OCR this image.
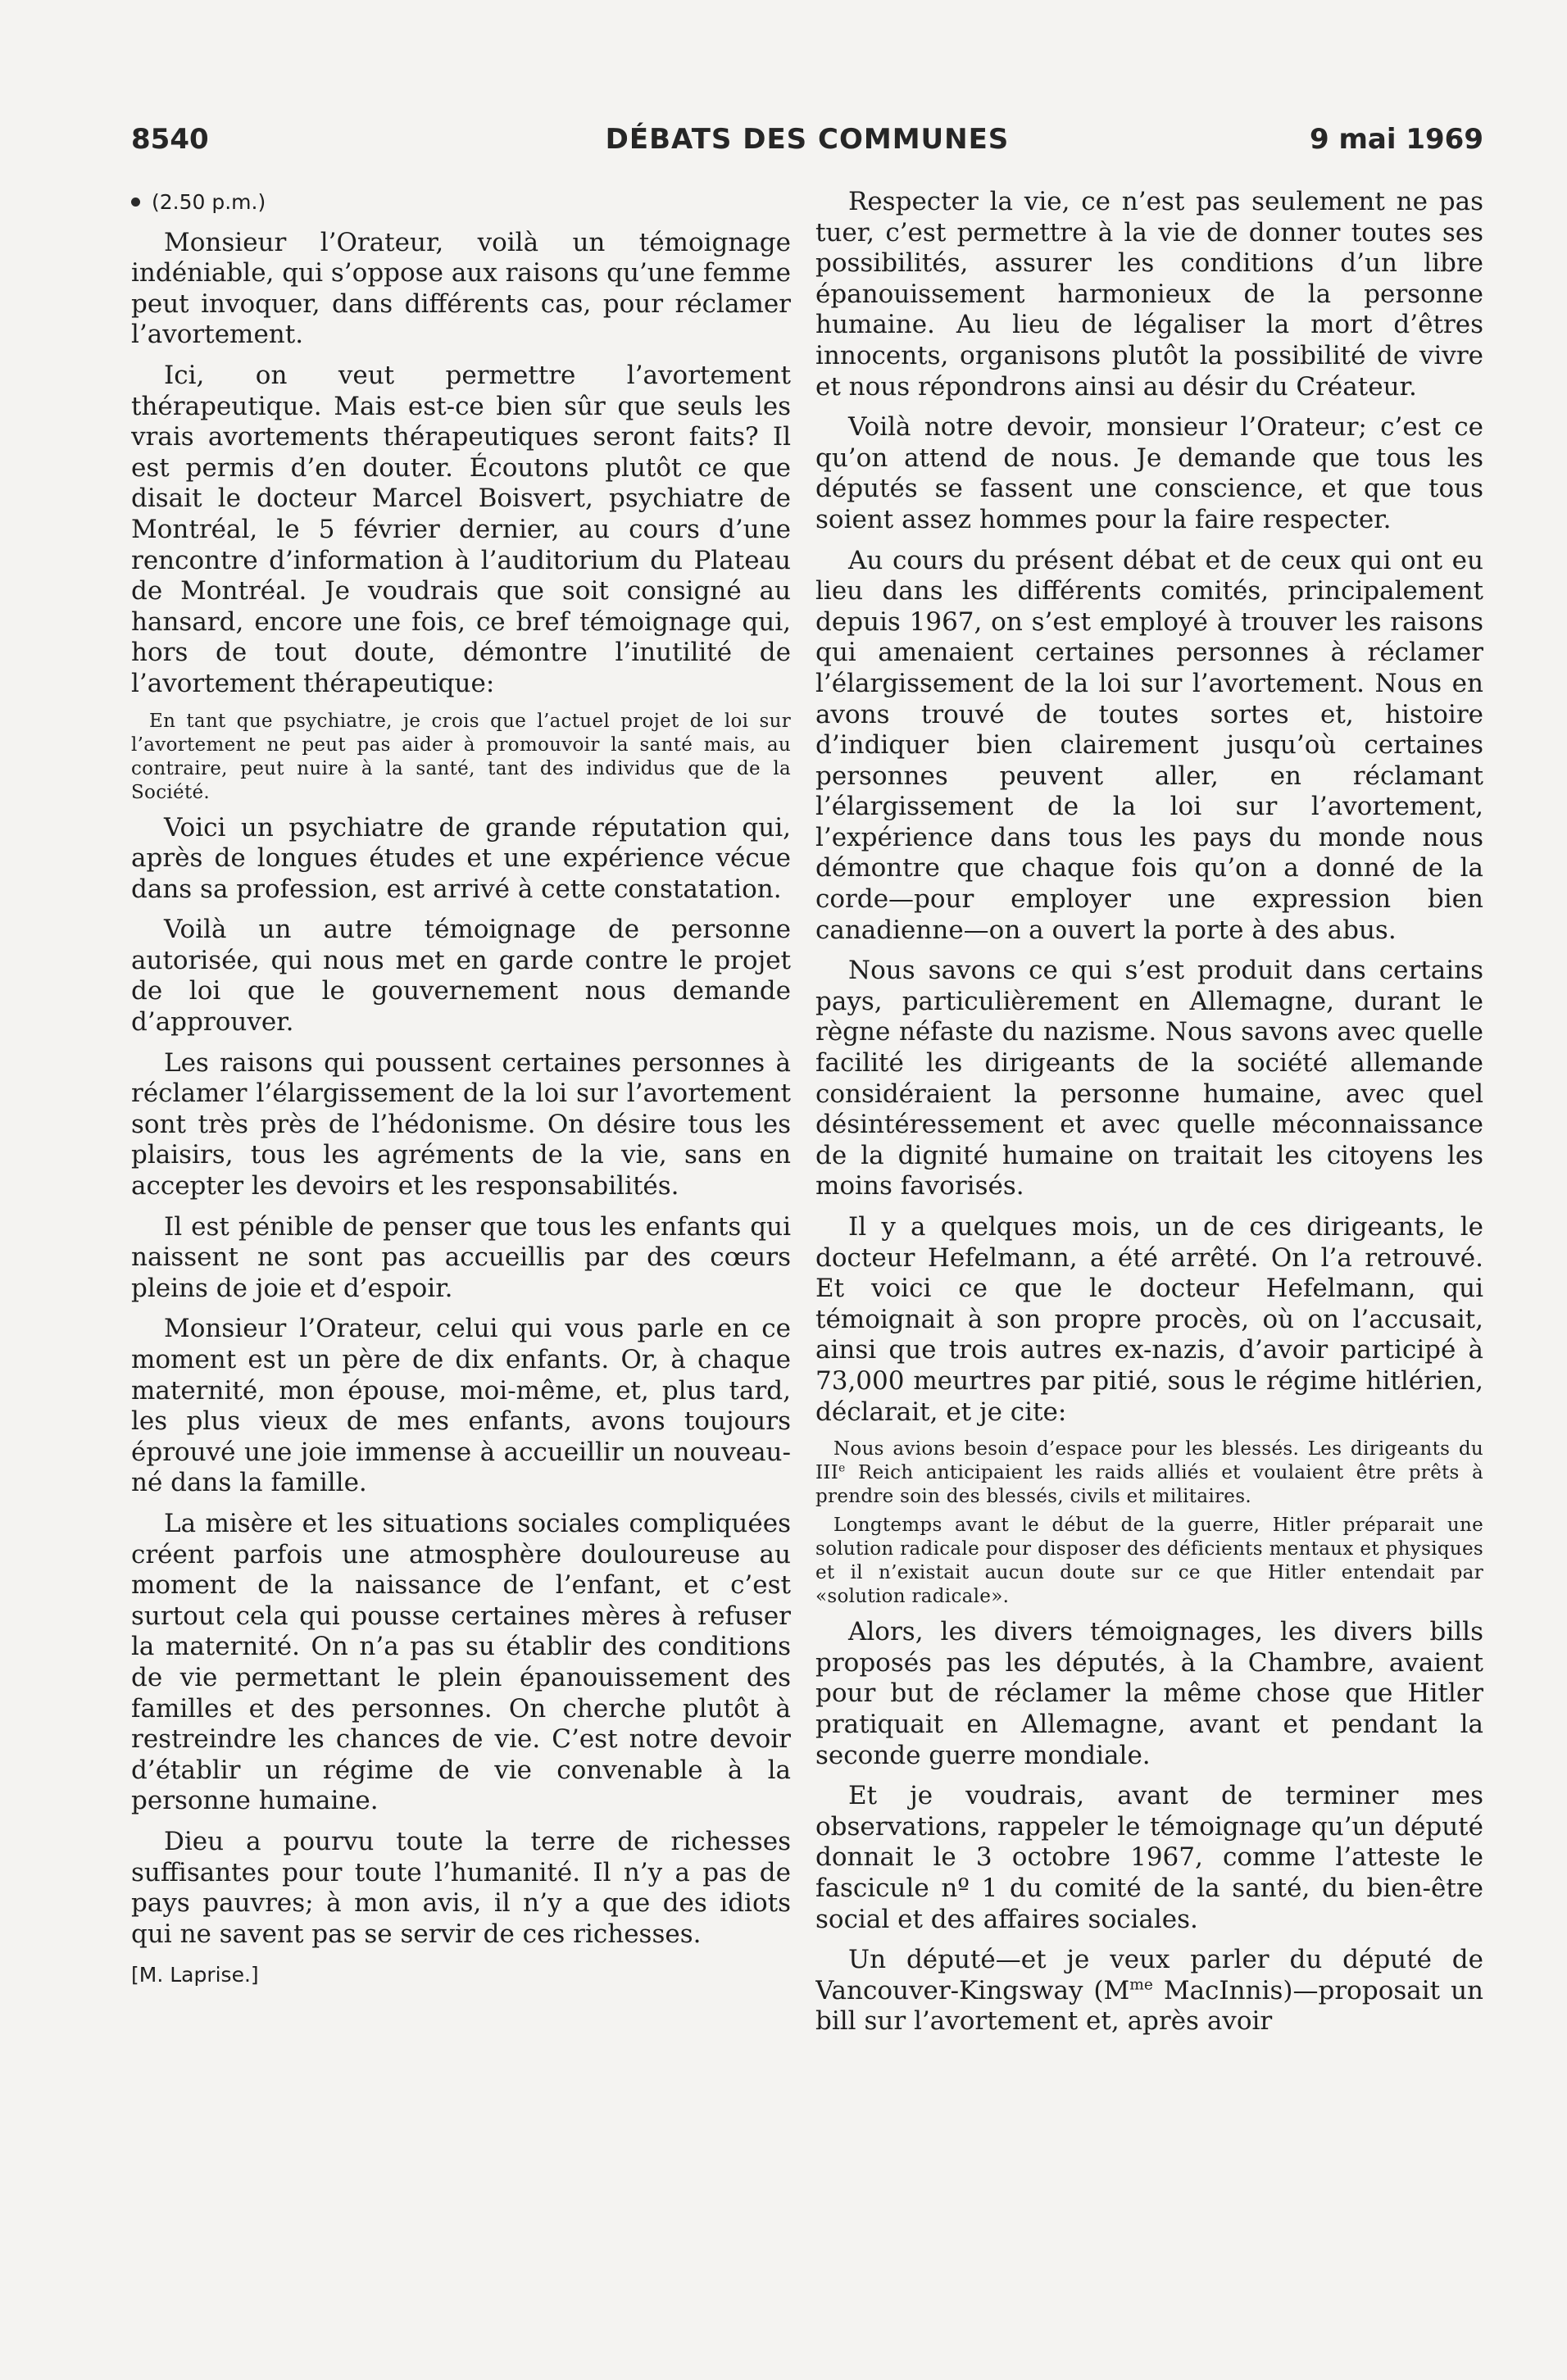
8540	DÉBATS DES COMMUNES	9 mai 1969
(2.50 p.m.)

Monsieur l’Orateur, voilà un témoignage indéniable, qui s’oppose aux raisons qu’une femme peut invoquer, dans différents cas, pour réclamer l’avortement.

Ici, on veut permettre l’avortement thérapeutique. Mais est-ce bien sûr que seuls les vrais avortements thérapeutiques seront faits? Il est permis d’en douter. Écoutons plutôt ce que disait le docteur Marcel Boisvert, psychiatre de Montréal, le 5 février dernier, au cours d’une rencontre d’information à l’auditorium du Plateau de Montréal. Je voudrais que soit consigné au hansard, encore une fois, ce bref témoignage qui, hors de tout doute, démontre l’inutilité de l’avortement thérapeutique:

En tant que psychiatre, je crois que l’actuel projet de loi sur l’avortement ne peut pas aider à promouvoir la santé mais, au contraire, peut nuire à la santé, tant des individus que de la Société.

Voici un psychiatre de grande réputation qui, après de longues études et une expérience vécue dans sa profession, est arrivé à cette constatation.

Voilà un autre témoignage de personne autorisée, qui nous met en garde contre le projet de loi que le gouvernement nous demande d’approuver.

Les raisons qui poussent certaines personnes à réclamer l’élargissement de la loi sur l’avortement sont très près de l’hédonisme. On désire tous les plaisirs, tous les agréments de la vie, sans en accepter les devoirs et les responsabilités.

Il est pénible de penser que tous les enfants qui naissent ne sont pas accueillis par des cœurs pleins de joie et d’espoir.

Monsieur l’Orateur, celui qui vous parle en ce moment est un père de dix enfants. Or, à chaque maternité, mon épouse, moi-même, et, plus tard, les plus vieux de mes enfants, avons toujours éprouvé une joie immense à accueillir un nouveau-né dans la famille.

La misère et les situations sociales compliquées créent parfois une atmosphère douloureuse au moment de la naissance de l’enfant, et c’est surtout cela qui pousse certaines mères à refuser la maternité. On n’a pas su établir des conditions de vie permettant le plein épanouissement des familles et des personnes. On cherche plutôt à restreindre les chances de vie. C’est notre devoir d’établir un régime de vie convenable à la personne humaine.

Dieu a pourvu toute la terre de richesses suffisantes pour toute l’humanité. Il n’y a pas de pays pauvres; à mon avis, il n’y a que des idiots qui ne savent pas se servir de ces richesses.

[M. Laprise.]

Respecter la vie, ce n’est pas seulement ne pas tuer, c’est permettre à la vie de donner toutes ses possibilités, assurer les conditions d’un libre épanouissement harmonieux de la personne humaine. Au lieu de légaliser la mort d’êtres innocents, organisons plutôt la possibilité de vivre et nous répondrons ainsi au désir du Créateur.

Voilà notre devoir, monsieur l’Orateur; c’est ce qu’on attend de nous. Je demande que tous les députés se fassent une conscience, et que tous soient assez hommes pour la faire respecter.

Au cours du présent débat et de ceux qui ont eu lieu dans les différents comités, principalement depuis 1967, on s’est employé à trouver les raisons qui amenaient certaines personnes à réclamer l’élargissement de la loi sur l’avortement. Nous en avons trouvé de toutes sortes et, histoire d’indiquer bien clairement jusqu’où certaines personnes peuvent aller, en réclamant l’élargissement de la loi sur l’avortement, l’expérience dans tous les pays du monde nous démontre que chaque fois qu’on a donné de la corde—pour employer une expression bien canadienne—on a ouvert la porte à des abus.

Nous savons ce qui s’est produit dans certains pays, particulièrement en Allemagne, durant le règne néfaste du nazisme. Nous savons avec quelle facilité les dirigeants de la société allemande considéraient la personne humaine, avec quel désintéressement et avec quelle méconnaissance de la dignité humaine on traitait les citoyens les moins favorisés.

Il y a quelques mois, un de ces dirigeants, le docteur Hefelmann, a été arrêté. On l’a retrouvé. Et voici ce que le docteur Hefelmann, qui témoignait à son propre procès, où on l’accusait, ainsi que trois autres ex-nazis, d’avoir participé à 73,000 meurtres par pitié, sous le régime hitlérien, déclarait, et je cite:

Nous avions besoin d’espace pour les blessés. Les dirigeants du IIIe Reich anticipaient les raids alliés et voulaient être prêts à prendre soin des blessés, civils et militaires.

Longtemps avant le début de la guerre, Hitler préparait une solution radicale pour disposer des déficients mentaux et physiques et il n’existait aucun doute sur ce que Hitler entendait par «solution radicale».

Alors, les divers témoignages, les divers bills proposés pas les députés, à la Chambre, avaient pour but de réclamer la même chose que Hitler pratiquait en Allemagne, avant et pendant la seconde guerre mondiale.

Et je voudrais, avant de terminer mes observations, rappeler le témoignage qu’un député donnait le 3 octobre 1967, comme l’atteste le fascicule nº 1 du comité de la santé, du bien-être social et des affaires sociales.

Un député—et je veux parler du député de Vancouver-Kingsway ($M^{me}$ MacInnis)—proposait un bill sur l’avortement et, après avoir
